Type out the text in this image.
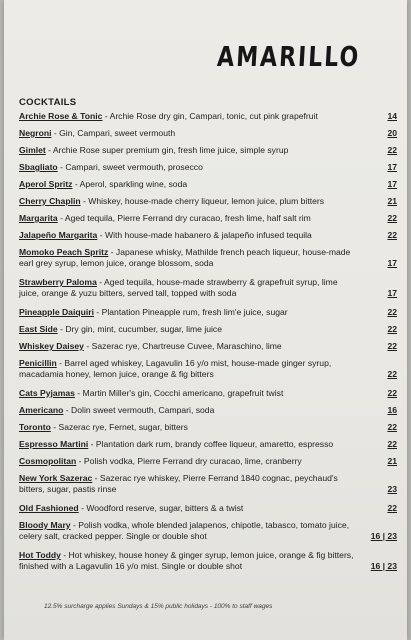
AMARILLO
COCKTAILS
Archie Rose & Tonic - Archie Rose dry gin, Campari, tonic, cut pink grapefruit	14
Negroni - Gin, Campari, sweet vermouth	20
Gimlet - Archie Rose super premium gin, fresh lime juice, simple syrup	22
Sbagliato - Campari, sweet vermouth, prosecco	17
Aperol Spritz - Aperol, sparkling wine, soda	17
Cherry Chaplin - Whiskey, house-made cherry liqueur, lemon juice, plum bitters	21
Margarita - Aged tequila, Pierre Ferrand dry curacao, fresh lime, half salt rim	22
Jalapeño Margarita - With house-made habanero & jalapeño infused tequila	22
Momoko Peach Spritz - Japanese whisky, Mathilde french peach liqueur, house-made earl grey syrup, lemon juice, orange blossom, soda	17
Strawberry Paloma - Aged tequila, house-made strawberry & grapefruit syrup, lime juice, orange & yuzu bitters, served tall, topped with soda	17
Pineapple Daiquiri - Plantation Pineapple rum, fresh lim'e juice, sugar	22
East Side - Dry gin, mint, cucumber, sugar, lime juice	22
Whiskey Daisey - Sazerac rye, Chartreuse Cuvee, Maraschino, lime	22
Penicillin - Barrel aged whiskey, Lagavulin 16 y/o mist, house-made ginger syrup, macadamia honey, lemon juice, orange & fig bitters	22
Cats Pyjamas - Martin Miller's gin, Cocchi americano, grapefruit twist	22
Americano - Dolin sweet vermouth, Campari, soda	16
Toronto - Sazerac rye, Fernet, sugar, bitters	22
Espresso Martini - Plantation dark rum, brandy coffee liqueur, amaretto, espresso	22
Cosmopolitan - Polish vodka, Pierre Ferrand dry curacao, lime, cranberry	21
New York Sazerac - Sazerac rye whiskey, Pierre Ferrand 1840 cognac, peychaud's bitters, sugar, pastis rinse	23
Old Fashioned - Woodford reserve, sugar, bitters & a twist	22
Bloody Mary - Polish vodka, whole blended jalapenos, chipotle, tabasco, tomato juice, celery salt, cracked pepper. Single or double shot	16 | 23
Hot Toddy - Hot whiskey, house honey & ginger syrup, lemon juice, orange & fig bitters, finished with a Lagavulin 16 y/o mist. Single or double shot	16 | 23
12.5% surcharge applies Sundays & 15% public holidays - 100% to staff wages
